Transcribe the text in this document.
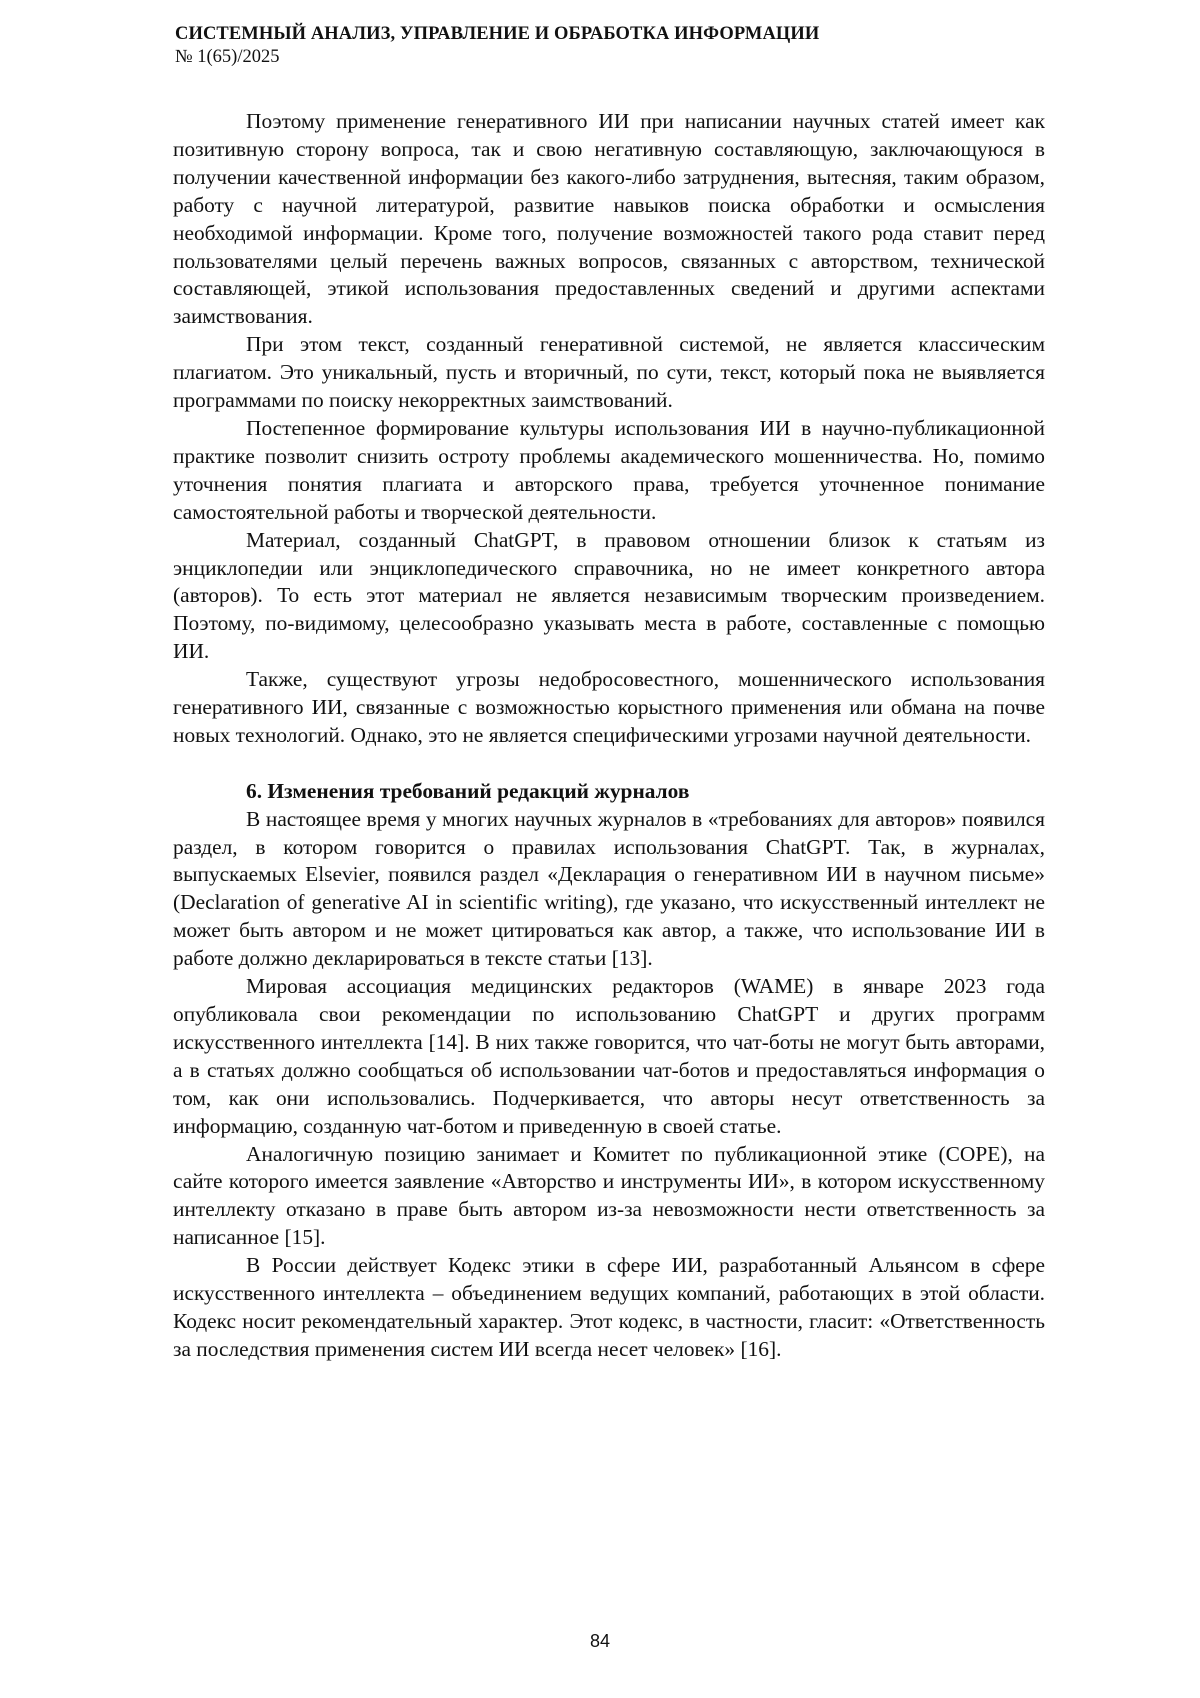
СИСТЕМНЫЙ АНАЛИЗ, УПРАВЛЕНИЕ И ОБРАБОТКА ИНФОРМАЦИИ
№ 1(65)/2025

Поэтому применение генеративного ИИ при написании научных статей имеет как позитивную сторону вопроса, так и свою негативную составляющую, заключающуюся в получении качественной информации без какого-либо затруднения, вытесняя, таким образом, работу с научной литературой, развитие навыков поиска обработки и осмысления необходимой информации. Кроме того, получение возможностей такого рода ставит перед пользователями целый перечень важных вопросов, связанных с авторством, технической составляющей, этикой использования предоставленных сведений и другими аспектами заимствования.

При этом текст, созданный генеративной системой, не является классическим плагиатом. Это уникальный, пусть и вторичный, по сути, текст, который пока не выявляется программами по поиску некорректных заимствований.

Постепенное формирование культуры использования ИИ в научно-публикационной практике позволит снизить остроту проблемы академического мошенничества. Но, помимо уточнения понятия плагиата и авторского права, требуется уточненное понимание самостоятельной работы и творческой деятельности.

Материал, созданный ChatGPT, в правовом отношении близок к статьям из энциклопедии или энциклопедического справочника, но не имеет конкретного автора (авторов). То есть этот материал не является независимым творческим произведением. Поэтому, по-видимому, целесообразно указывать места в работе, составленные с помощью ИИ.

Также, существуют угрозы недобросовестного, мошеннического использования генеративного ИИ, связанные с возможностью корыстного применения или обмана на почве новых технологий. Однако, это не является специфическими угрозами научной деятельности.

6. Изменения требований редакций журналов

В настоящее время у многих научных журналов в «требованиях для авторов» появился раздел, в котором говорится о правилах использования ChatGPT. Так, в журналах, выпускаемых Elsevier, появился раздел «Декларация о генеративном ИИ в научном письме» (Declaration of generative AI in scientific writing), где указано, что искусственный интеллект не может быть автором и не может цитироваться как автор, а также, что использование ИИ в работе должно декларироваться в тексте статьи [13].

Мировая ассоциация медицинских редакторов (WAME) в январе 2023 года опубликовала свои рекомендации по использованию ChatGPT и других программ искусственного интеллекта [14]. В них также говорится, что чат-боты не могут быть авторами, а в статьях должно сообщаться об использовании чат-ботов и предоставляться информация о том, как они использовались. Подчеркивается, что авторы несут ответственность за информацию, созданную чат-ботом и приведенную в своей статье.

Аналогичную позицию занимает и Комитет по публикационной этике (COPE), на сайте которого имеется заявление «Авторство и инструменты ИИ», в котором искусственному интеллекту отказано в праве быть автором из-за невозможности нести ответственность за написанное [15].

В России действует Кодекс этики в сфере ИИ, разработанный Альянсом в сфере искусственного интеллекта – объединением ведущих компаний, работающих в этой области. Кодекс носит рекомендательный характер. Этот кодекс, в частности, гласит: «Ответственность за последствия применения систем ИИ всегда несет человек» [16].

84
